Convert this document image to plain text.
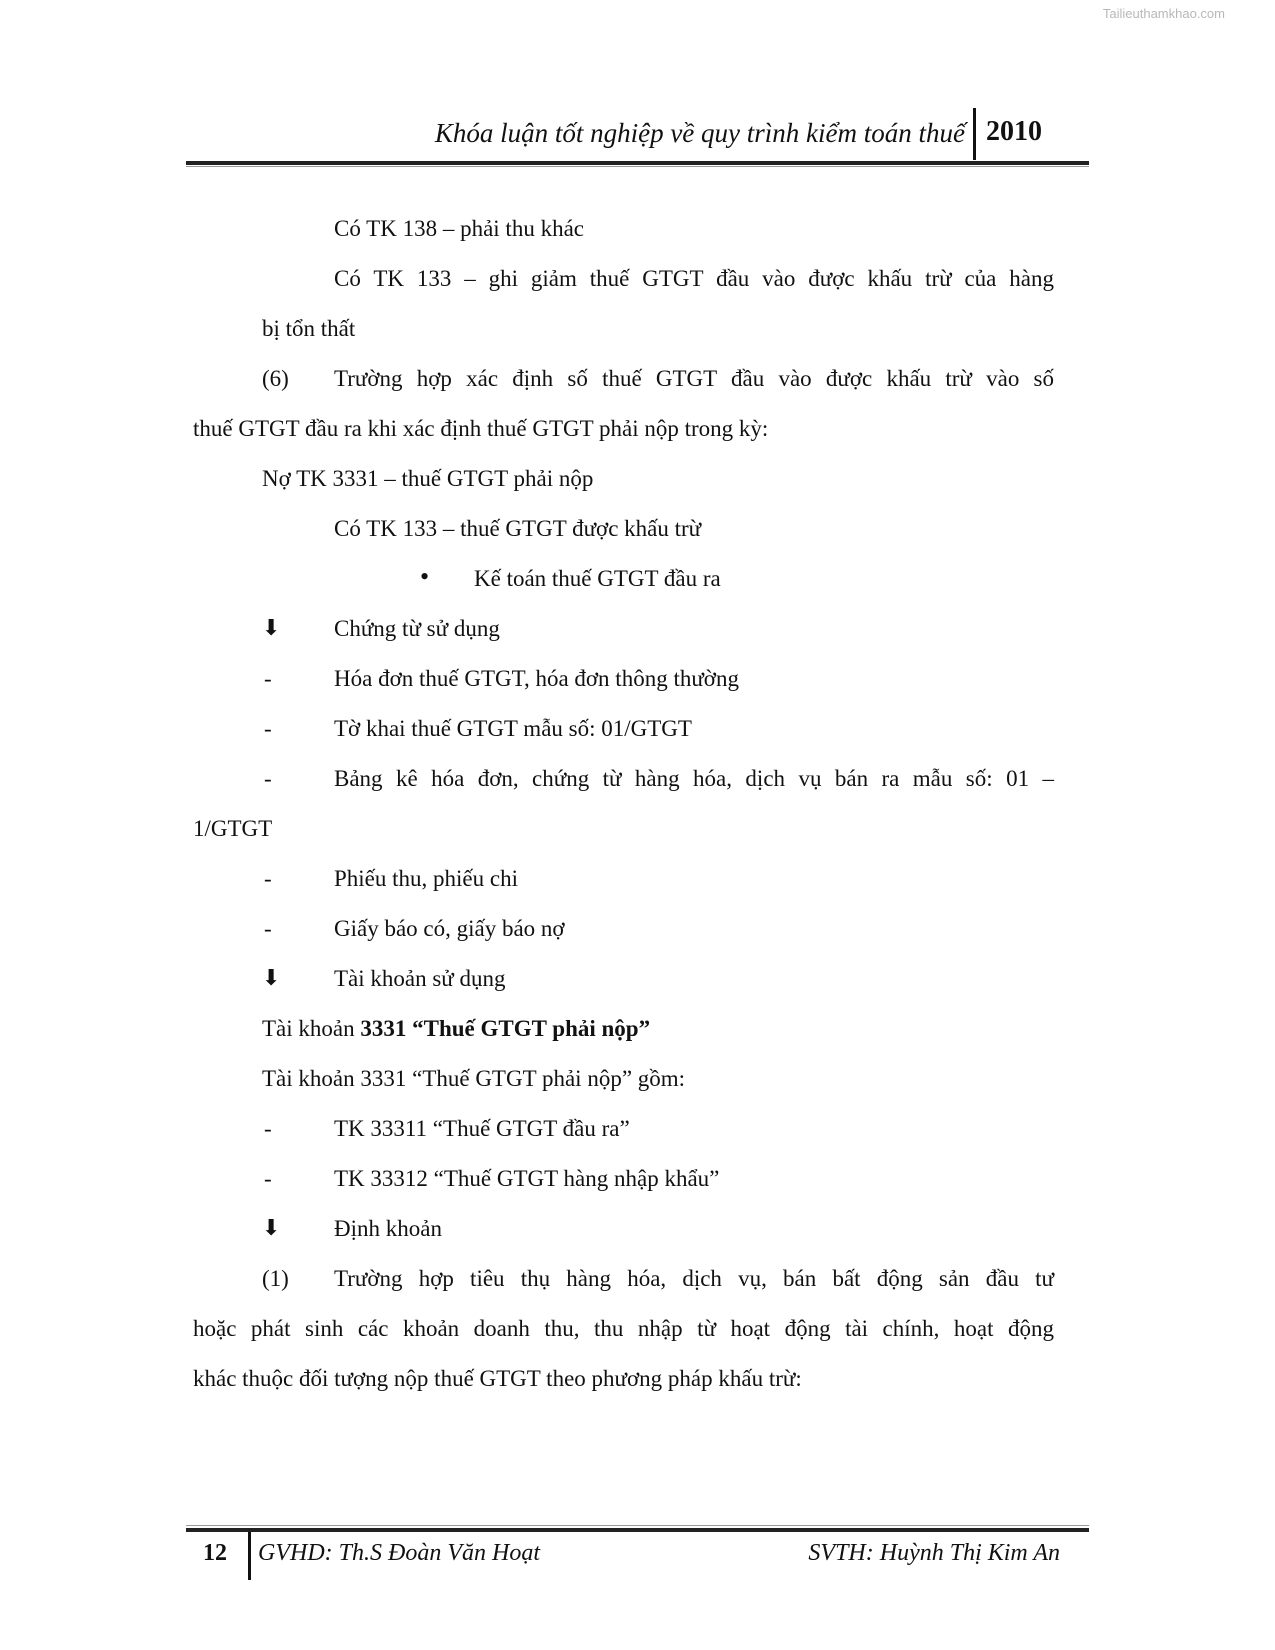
Tailieuthamkhao.com
Khóa luận tốt nghiệp về quy trình kiểm toán thuế 2010
Có TK 138 – phải thu khác
Có TK 133 – ghi giảm thuế GTGT đầu vào được khấu trừ của hàng
bị tổn thất
(6) Trường hợp xác định số thuế GTGT đầu vào được khấu trừ vào số
thuế GTGT đầu ra khi xác định thuế GTGT phải nộp trong kỳ:
Nợ TK 3331 – thuế GTGT phải nộp
Có TK 133 – thuế GTGT được khấu trừ
• Kế toán thuế GTGT đầu ra
⬇ Chứng từ sử dụng
-	Hóa đơn thuế GTGT, hóa đơn thông thường
-	Tờ khai thuế GTGT mẫu số: 01/GTGT
-	Bảng kê hóa đơn, chứng từ hàng hóa, dịch vụ bán ra mẫu số: 01 –
1/GTGT
-	Phiếu thu, phiếu chi
-	Giấy báo có, giấy báo nợ
⬇ Tài khoản sử dụng
Tài khoản 3331 “Thuế GTGT phải nộp”
Tài khoản 3331 “Thuế GTGT phải nộp” gồm:
-	TK 33311 “Thuế GTGT đầu ra”
-	TK 33312 “Thuế GTGT hàng nhập khẩu”
⬇ Định khoản
(1) Trường hợp tiêu thụ hàng hóa, dịch vụ, bán bất động sản đầu tư
hoặc phát sinh các khoản doanh thu, thu nhập từ hoạt động tài chính, hoạt động
khác thuộc đối tượng nộp thuế GTGT theo phương pháp khấu trừ:
12 GVHD: Th.S Đoàn Văn Hoạt	SVTH: Huỳnh Thị Kim An
